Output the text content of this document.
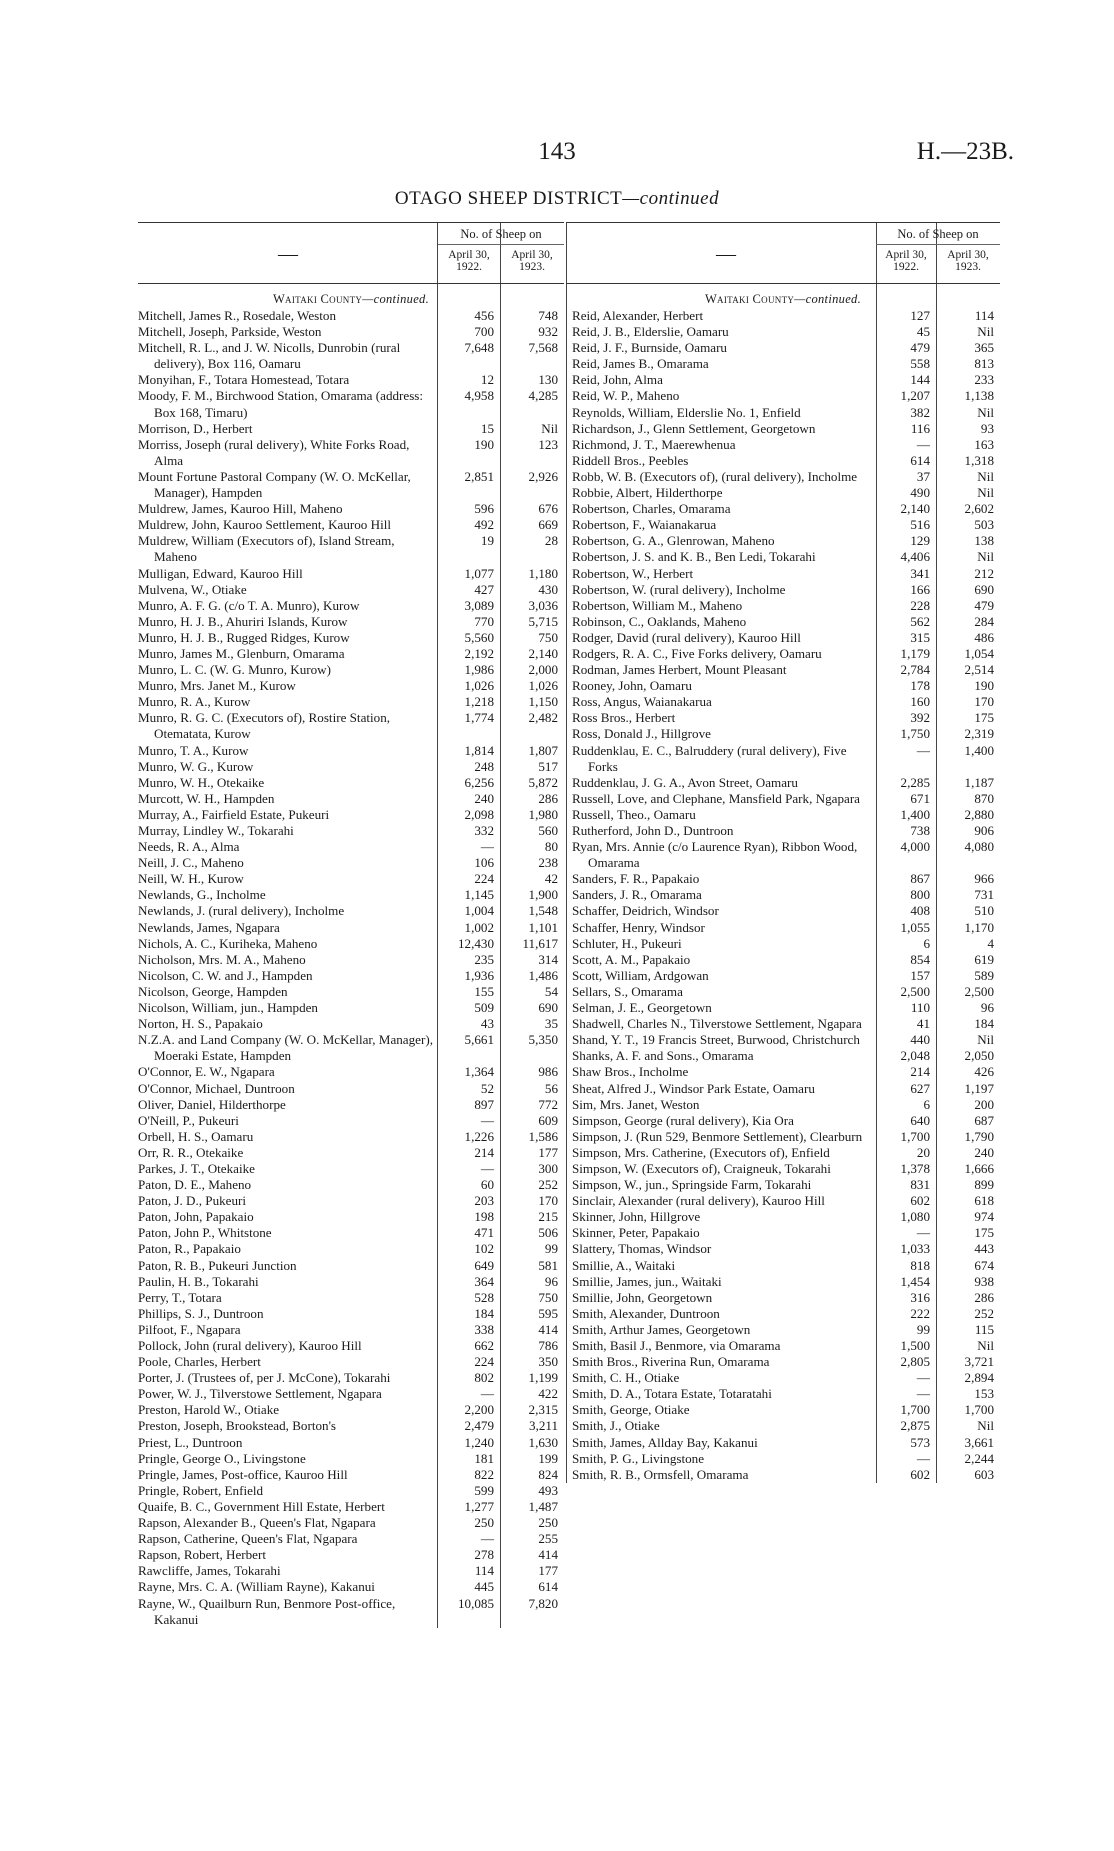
143	H.—23B.
OTAGO SHEEP DISTRICT—continued
—
No. of Sheep on
April 30, 1922.
April 30, 1923.
Waitaki County—continued.
Mitchell, James R., Rosedale, Weston	456	748
Mitchell, Joseph, Parkside, Weston	700	932
Mitchell, R. L., and J. W. Nicolls, Dunrobin (rural delivery), Box 116, Oamaru
7,648	7,568
Monyihan, F., Totara Homestead, Totara	12	130
Moody, F. M., Birchwood Station, Omarama (address: Box 168, Timaru)
4,958	4,285
Morrison, D., Herbert	15	Nil
Morriss, Joseph (rural delivery), White Forks Road, Alma
190	123
Mount Fortune Pastoral Company (W. O. McKellar, Manager), Hampden
2,851	2,926
Muldrew, James, Kauroo Hill, Maheno	596	676
Muldrew, John, Kauroo Settlement, Kauroo Hill	492	669
Muldrew, William (Executors of), Island Stream, Maheno
19	28
Mulligan, Edward, Kauroo Hill	1,077	1,180
Mulvena, W., Otiake	427	430
Munro, A. F. G. (c/o T. A. Munro), Kurow	3,089	3,036
Munro, H. J. B., Ahuriri Islands, Kurow	770	5,715
Munro, H. J. B., Rugged Ridges, Kurow	5,560	750
Munro, James M., Glenburn, Omarama	2,192	2,140
Munro, L. C. (W. G. Munro, Kurow)	1,986	2,000
Munro, Mrs. Janet M., Kurow	1,026	1,026
Munro, R. A., Kurow	1,218	1,150
Munro, R. G. C. (Executors of), Rostire Station, Otematata, Kurow
1,774	2,482
Munro, T. A., Kurow	1,814	1,807
Munro, W. G., Kurow	248	517
Munro, W. H., Otekaike	6,256	5,872
Murcott, W. H., Hampden	240	286
Murray, A., Fairfield Estate, Pukeuri	2,098	1,980
Murray, Lindley W., Tokarahi	332	560
Needs, R. A., Alma	—	80
Neill, J. C., Maheno	106	238
Neill, W. H., Kurow	224	42
Newlands, G., Incholme	1,145	1,900
Newlands, J. (rural delivery), Incholme	1,004	1,548
Newlands, James, Ngapara	1,002	1,101
Nichols, A. C., Kuriheka, Maheno	12,430	11,617
Nicholson, Mrs. M. A., Maheno	235	314
Nicolson, C. W. and J., Hampden	1,936	1,486
Nicolson, George, Hampden	155	54
Nicolson, William, jun., Hampden	509	690
Norton, H. S., Papakaio	43	35
N.Z.A. and Land Company (W. O. McKellar, Manager), Moeraki Estate, Hampden
5,661	5,350
O'Connor, E. W., Ngapara	1,364	986
O'Connor, Michael, Duntroon	52	56
Oliver, Daniel, Hilderthorpe	897	772
O'Neill, P., Pukeuri	—	609
Orbell, H. S., Oamaru	1,226	1,586
Orr, R. R., Otekaike	214	177
Parkes, J. T., Otekaike	—	300
Paton, D. E., Maheno	60	252
Paton, J. D., Pukeuri	203	170
Paton, John, Papakaio	198	215
Paton, John P., Whitstone	471	506
Paton, R., Papakaio	102	99
Paton, R. B., Pukeuri Junction	649	581
Paulin, H. B., Tokarahi	364	96
Perry, T., Totara	528	750
Phillips, S. J., Duntroon	184	595
Pilfoot, F., Ngapara	338	414
Pollock, John (rural delivery), Kauroo Hill	662	786
Poole, Charles, Herbert	224	350
Porter, J. (Trustees of, per J. McCone), Tokarahi	802	1,199
Power, W. J., Tilverstowe Settlement, Ngapara	—	422
Preston, Harold W., Otiake	2,200	2,315
Preston, Joseph, Brookstead, Borton's	2,479	3,211
Priest, L., Duntroon	1,240	1,630
Pringle, George O., Livingstone	181	199
Pringle, James, Post-office, Kauroo Hill	822	824
Pringle, Robert, Enfield	599	493
Quaife, B. C., Government Hill Estate, Herbert	1,277	1,487
Rapson, Alexander B., Queen's Flat, Ngapara	250	250
Rapson, Catherine, Queen's Flat, Ngapara	—	255
Rapson, Robert, Herbert	278	414
Rawcliffe, James, Tokarahi	114	177
Rayne, Mrs. C. A. (William Rayne), Kakanui	445	614
Rayne, W., Quailburn Run, Benmore Post-office, Kakanui
10,085	7,820
—
No. of Sheep on
April 30, 1922.
April 30, 1923.
Waitaki County—continued.
Reid, Alexander, Herbert	127	114
Reid, J. B., Elderslie, Oamaru	45	Nil
Reid, J. F., Burnside, Oamaru	479	365
Reid, James B., Omarama	558	813
Reid, John, Alma	144	233
Reid, W. P., Maheno	1,207	1,138
Reynolds, William, Elderslie No. 1, Enfield	382	Nil
Richardson, J., Glenn Settlement, Georgetown	116	93
Richmond, J. T., Maerewhenua	—	163
Riddell Bros., Peebles	614	1,318
Robb, W. B. (Executors of), (rural delivery), Incholme	37	Nil
Robbie, Albert, Hilderthorpe	490	Nil
Robertson, Charles, Omarama	2,140	2,602
Robertson, F., Waianakarua	516	503
Robertson, G. A., Glenrowan, Maheno	129	138
Robertson, J. S. and K. B., Ben Ledi, Tokarahi	4,406	Nil
Robertson, W., Herbert	341	212
Robertson, W. (rural delivery), Incholme	166	690
Robertson, William M., Maheno	228	479
Robinson, C., Oaklands, Maheno	562	284
Rodger, David (rural delivery), Kauroo Hill	315	486
Rodgers, R. A. C., Five Forks delivery, Oamaru	1,179	1,054
Rodman, James Herbert, Mount Pleasant	2,784	2,514
Rooney, John, Oamaru	178	190
Ross, Angus, Waianakarua	160	170
Ross Bros., Herbert	392	175
Ross, Donald J., Hillgrove	1,750	2,319
Ruddenklau, E. C., Balruddery (rural delivery), Five Forks
—	1,400
Ruddenklau, J. G. A., Avon Street, Oamaru	2,285	1,187
Russell, Love, and Clephane, Mansfield Park, Ngapara	671	870
Russell, Theo., Oamaru	1,400	2,880
Rutherford, John D., Duntroon	738	906
Ryan, Mrs. Annie (c/o Laurence Ryan), Ribbon Wood, Omarama
4,000	4,080
Sanders, F. R., Papakaio	867	966
Sanders, J. R., Omarama	800	731
Schaffer, Deidrich, Windsor	408	510
Schaffer, Henry, Windsor	1,055	1,170
Schluter, H., Pukeuri	6	4
Scott, A. M., Papakaio	854	619
Scott, William, Ardgowan	157	589
Sellars, S., Omarama	2,500	2,500
Selman, J. E., Georgetown	110	96
Shadwell, Charles N., Tilverstowe Settlement, Ngapara	41	184
Shand, Y. T., 19 Francis Street, Burwood, Christchurch	440	Nil
Shanks, A. F. and Sons., Omarama	2,048	2,050
Shaw Bros., Incholme	214	426
Sheat, Alfred J., Windsor Park Estate, Oamaru	627	1,197
Sim, Mrs. Janet, Weston	6	200
Simpson, George (rural delivery), Kia Ora	640	687
Simpson, J. (Run 529, Benmore Settlement), Clearburn	1,700	1,790
Simpson, Mrs. Catherine, (Executors of), Enfield	20	240
Simpson, W. (Executors of), Craigneuk, Tokarahi	1,378	1,666
Simpson, W., jun., Springside Farm, Tokarahi	831	899
Sinclair, Alexander (rural delivery), Kauroo Hill	602	618
Skinner, John, Hillgrove	1,080	974
Skinner, Peter, Papakaio	—	175
Slattery, Thomas, Windsor	1,033	443
Smillie, A., Waitaki	818	674
Smillie, James, jun., Waitaki	1,454	938
Smillie, John, Georgetown	316	286
Smith, Alexander, Duntroon	222	252
Smith, Arthur James, Georgetown	99	115
Smith, Basil J., Benmore, via Omarama	1,500	Nil
Smith Bros., Riverina Run, Omarama	2,805	3,721
Smith, C. H., Otiake	—	2,894
Smith, D. A., Totara Estate, Totaratahi	—	153
Smith, George, Otiake	1,700	1,700
Smith, J., Otiake	2,875	Nil
Smith, James, Allday Bay, Kakanui	573	3,661
Smith, P. G., Livingstone	—	2,244
Smith, R. B., Ormsfell, Omarama	602	603
